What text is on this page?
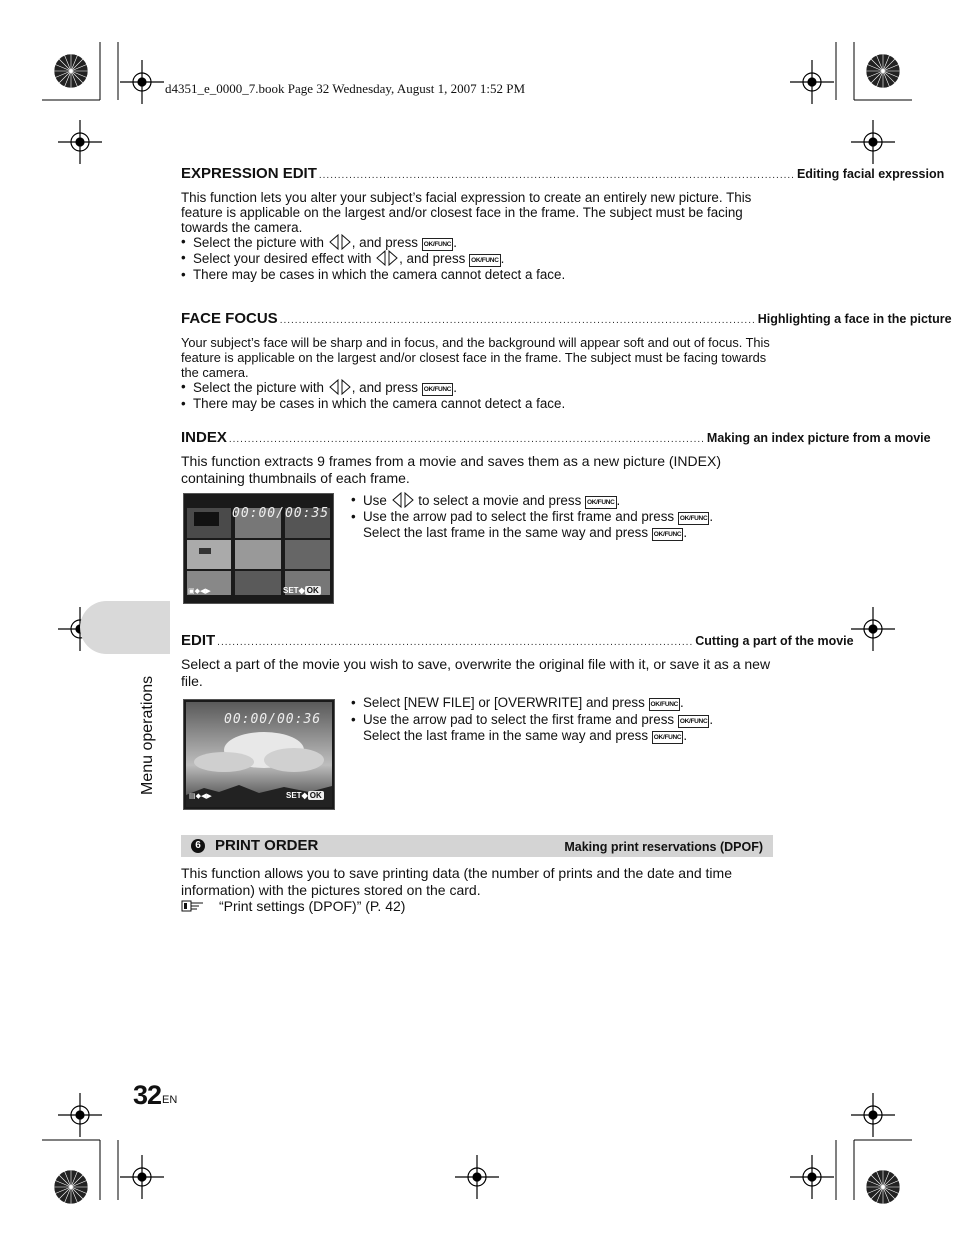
d4351_e_0000_7.book Page 32 Wednesday, August 1, 2007 1:52 PM
Menu operations
EXPRESSION EDIT .............................................................................................................................. Editing facial expression
This function lets you alter your subject’s facial expression to create an entirely new picture. This feature is applicable on the largest and/or closest face in the frame. The subject must be facing towards the camera.
• Select the picture with , and press OK/FUNC .
• Select your desired effect with , and press OK/FUNC .
• There may be cases in which the camera cannot detect a face.
FACE FOCUS .............................................................................................................................. Highlighting a face in the picture
Your subject’s face will be sharp and in focus, and the background will appear soft and out of focus. This feature is applicable on the largest and/or closest face in the frame. The subject must be facing towards the camera.
• Select the picture with , and press OK/FUNC .
• There may be cases in which the camera cannot detect a face.
INDEX .............................................................................................................................. Making an index picture from a movie
This function extracts 9 frames from a movie and saves them as a new picture (INDEX) containing thumbnails of each frame.
00:00/00:35
▣◆◀▶	SET◆ OK
• Use  to select a movie and press OK/FUNC .
• Use the arrow pad to select the first frame and press OK/FUNC .
Select the last frame in the same way and press OK/FUNC .
EDIT .............................................................................................................................. Cutting a part of the movie
Select a part of the movie you wish to save, overwrite the original file with it, or save it as a new file.
00:00/00:36
▤◆◀▶	SET◆ OK
• Select [NEW FILE] or [OVERWRITE] and press OK/FUNC .
• Use the arrow pad to select the first frame and press OK/FUNC .
Select the last frame in the same way and press OK/FUNC .
6 PRINT ORDER	Making print reservations (DPOF)
This function allows you to save printing data (the number of prints and the date and time information) with the pictures stored on the card.
“Print settings (DPOF)” (P. 42)
32 EN
